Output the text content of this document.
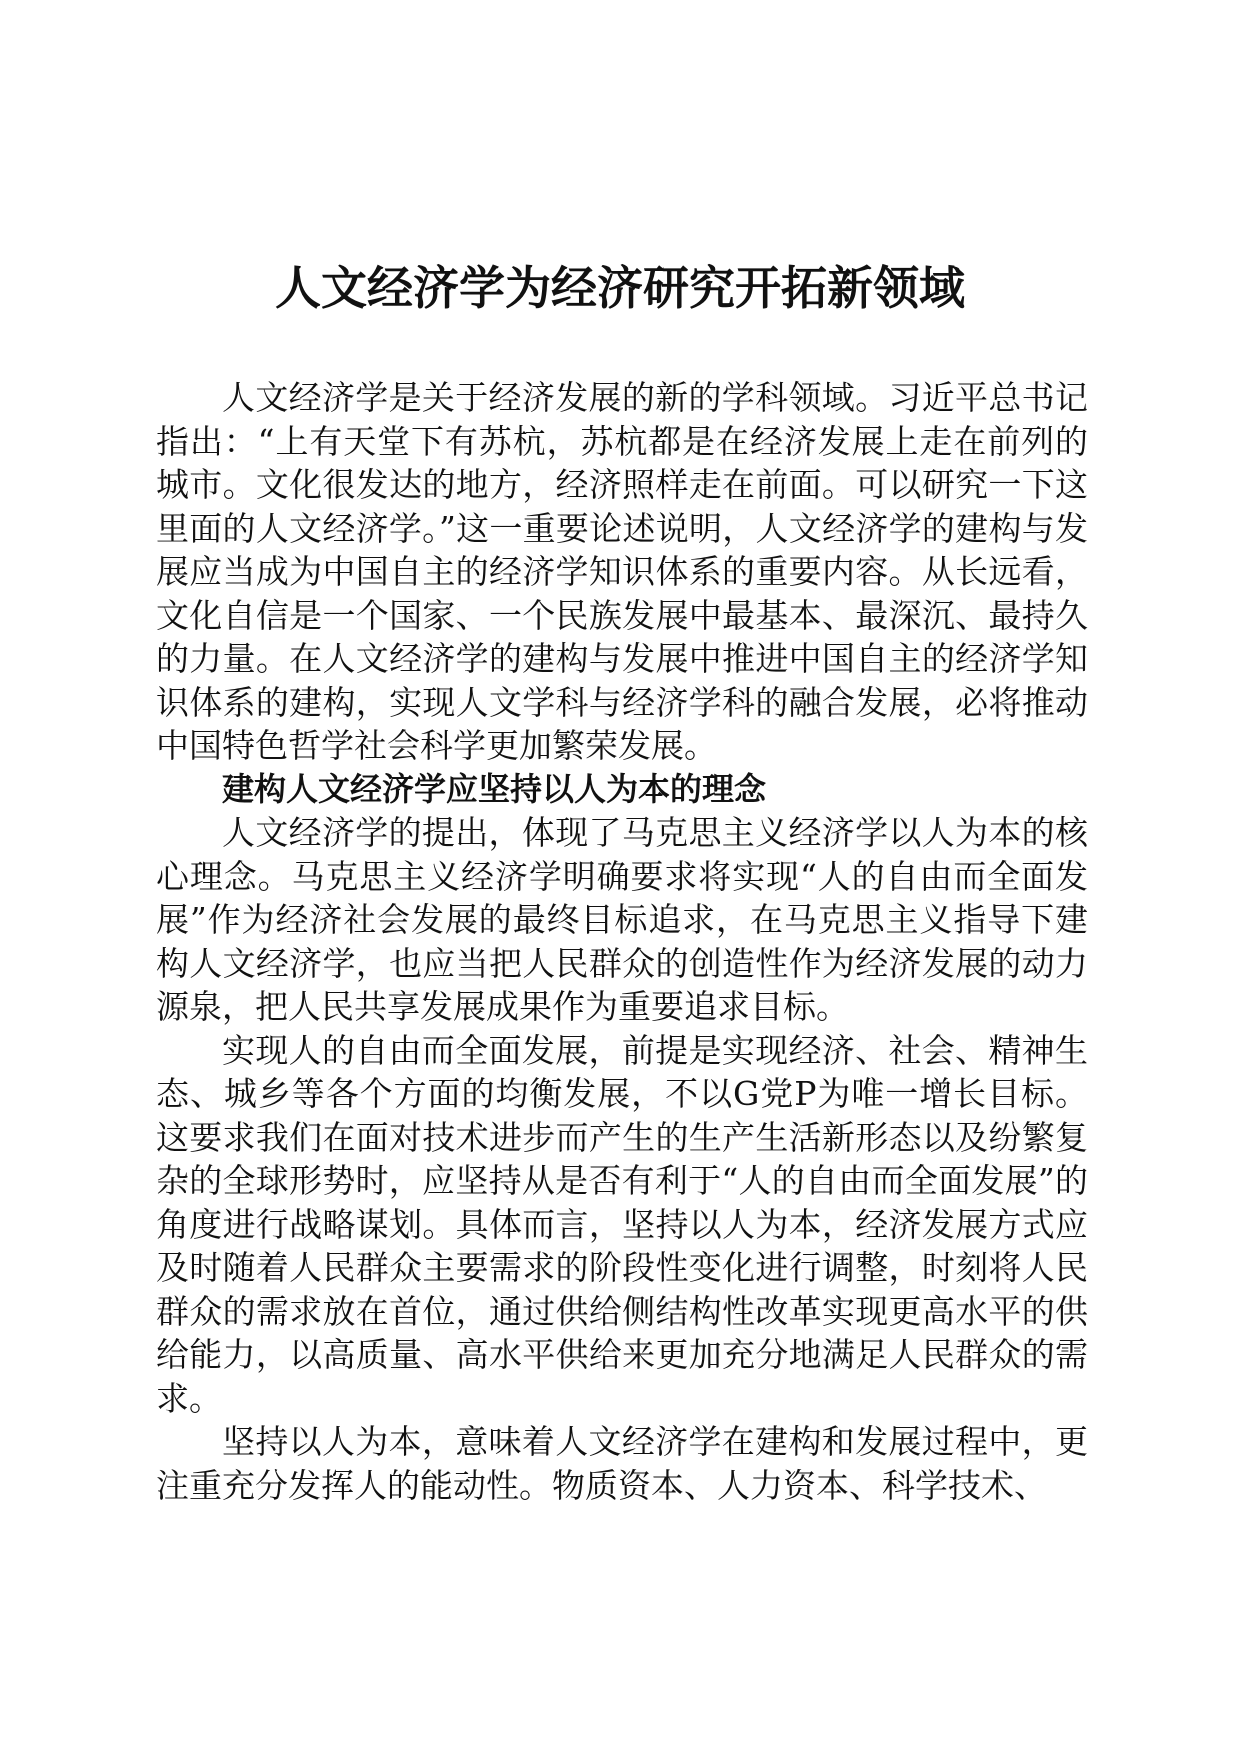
人文经济学为经济研究开拓新领域

人文经济学是关于经济发展的新的学科领域。习近平总书记指出：“上有天堂下有苏杭，苏杭都是在经济发展上走在前列的城市。文化很发达的地方，经济照样走在前面。可以研究一下这里面的人文经济学。”这一重要论述说明，人文经济学的建构与发展应当成为中国自主的经济学知识体系的重要内容。从长远看，文化自信是一个国家、一个民族发展中最基本、最深沉、最持久的力量。在人文经济学的建构与发展中推进中国自主的经济学知识体系的建构，实现人文学科与经济学科的融合发展，必将推动中国特色哲学社会科学更加繁荣发展。

建构人文经济学应坚持以人为本的理念

人文经济学的提出，体现了马克思主义经济学以人为本的核心理念。马克思主义经济学明确要求将实现“人的自由而全面发展”作为经济社会发展的最终目标追求，在马克思主义指导下建构人文经济学，也应当把人民群众的创造性作为经济发展的动力源泉，把人民共享发展成果作为重要追求目标。

实现人的自由而全面发展，前提是实现经济、社会、精神生态、城乡等各个方面的均衡发展，不以G党P为唯一增长目标。这要求我们在面对技术进步而产生的生产生活新形态以及纷繁复杂的全球形势时，应坚持从是否有利于“人的自由而全面发展”的角度进行战略谋划。具体而言，坚持以人为本，经济发展方式应及时随着人民群众主要需求的阶段性变化进行调整，时刻将人民群众的需求放在首位，通过供给侧结构性改革实现更高水平的供给能力，以高质量、高水平供给来更加充分地满足人民群众的需求。

坚持以人为本，意味着人文经济学在建构和发展过程中，更注重充分发挥人的能动性。物质资本、人力资本、科学技术、
